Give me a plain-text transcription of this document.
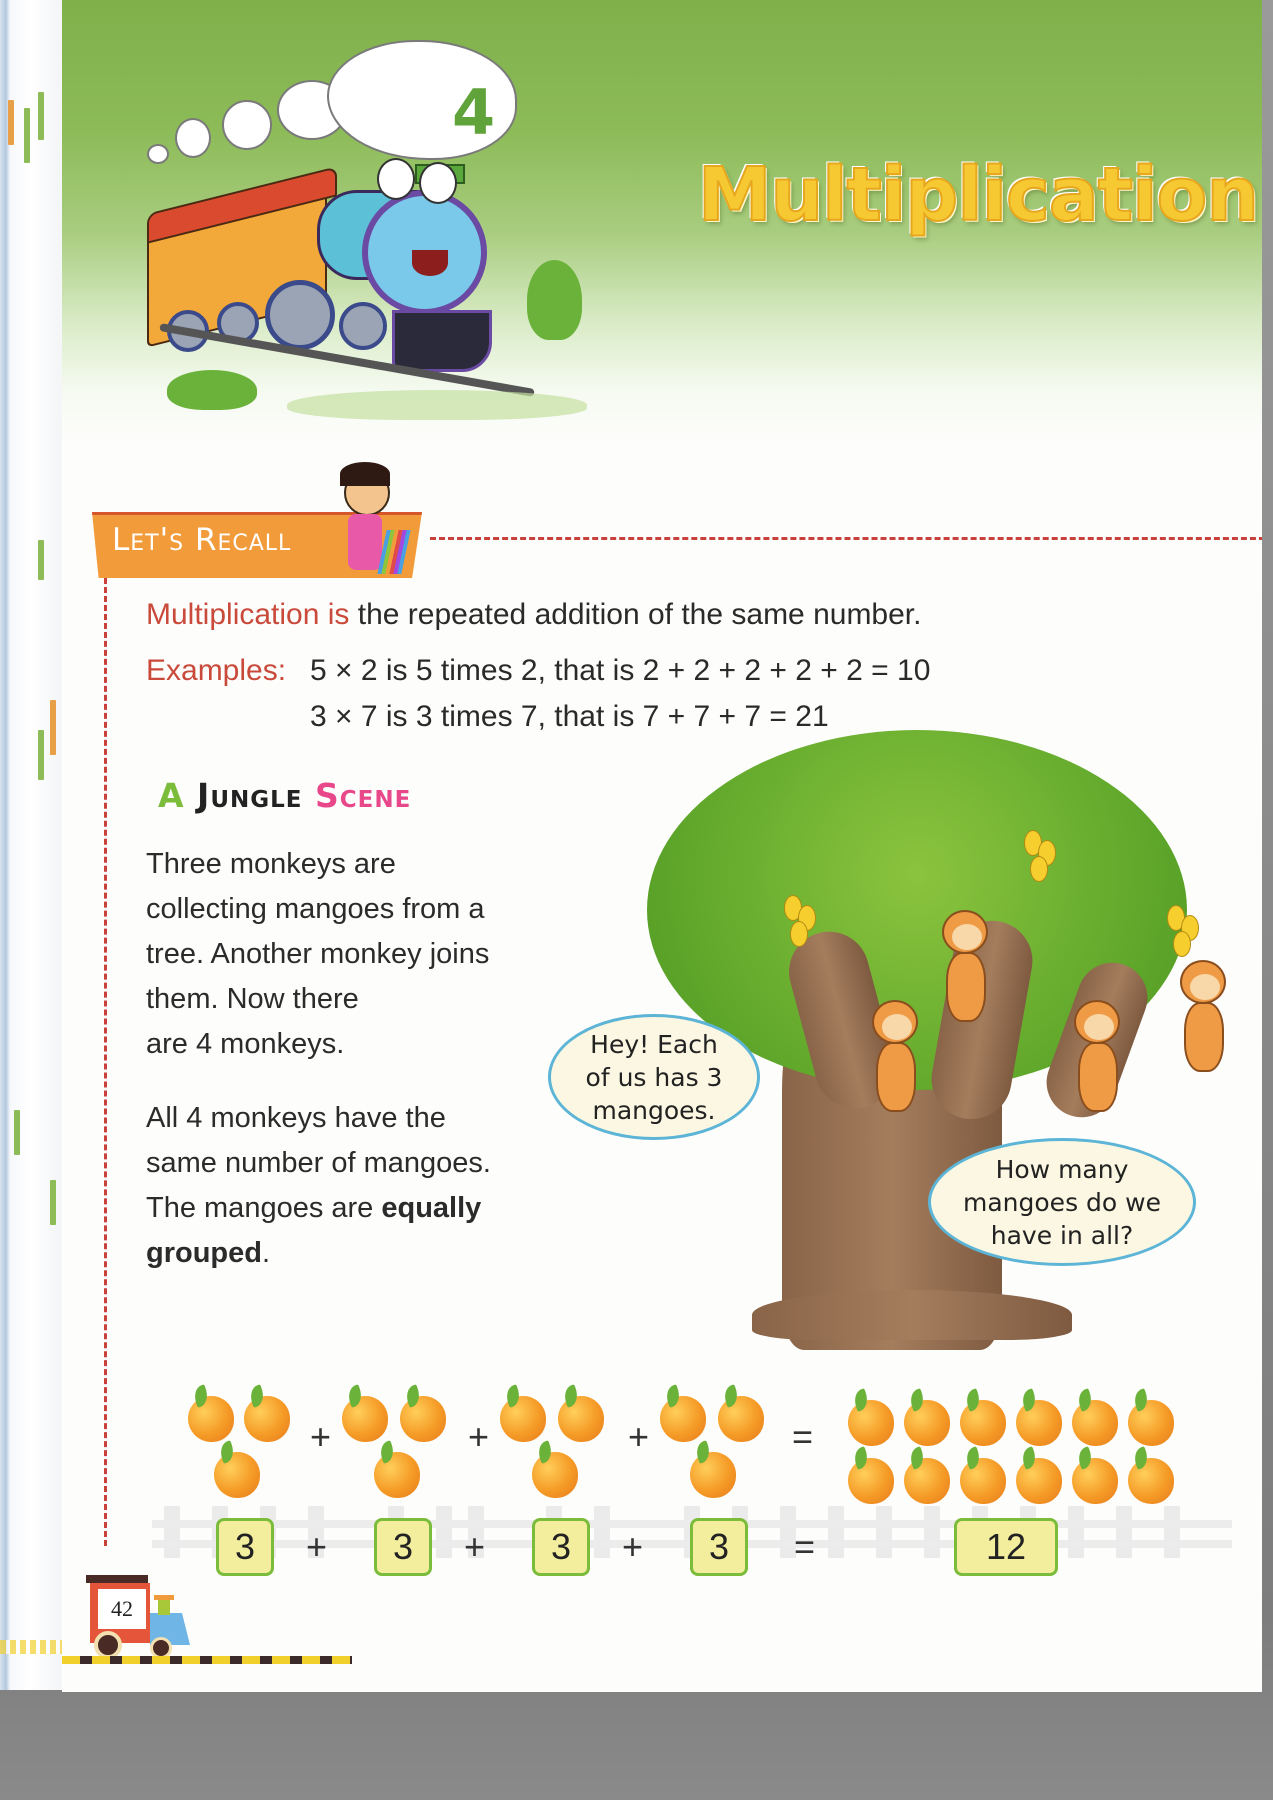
4
Multiplication
Let's Recall
Multiplication is the repeated addition of the same number.
Examples: 5 × 2 is 5 times 2, that is 2 + 2 + 2 + 2 + 2 = 10
3 × 7 is 3 times 7, that is 7 + 7 + 7 = 21
A Jungle Scene
Three monkeys are
collecting mangoes from a
tree. Another monkey joins
them. Now there
are 4 monkeys.
All 4 monkeys have the
same number of mangoes.
The mangoes are equally
grouped.
Hey! Each
of us has 3
mangoes.
How many
mangoes do we
have in all?
+	+	+	=
3	+	3	+	3	+	3	=	12
42
